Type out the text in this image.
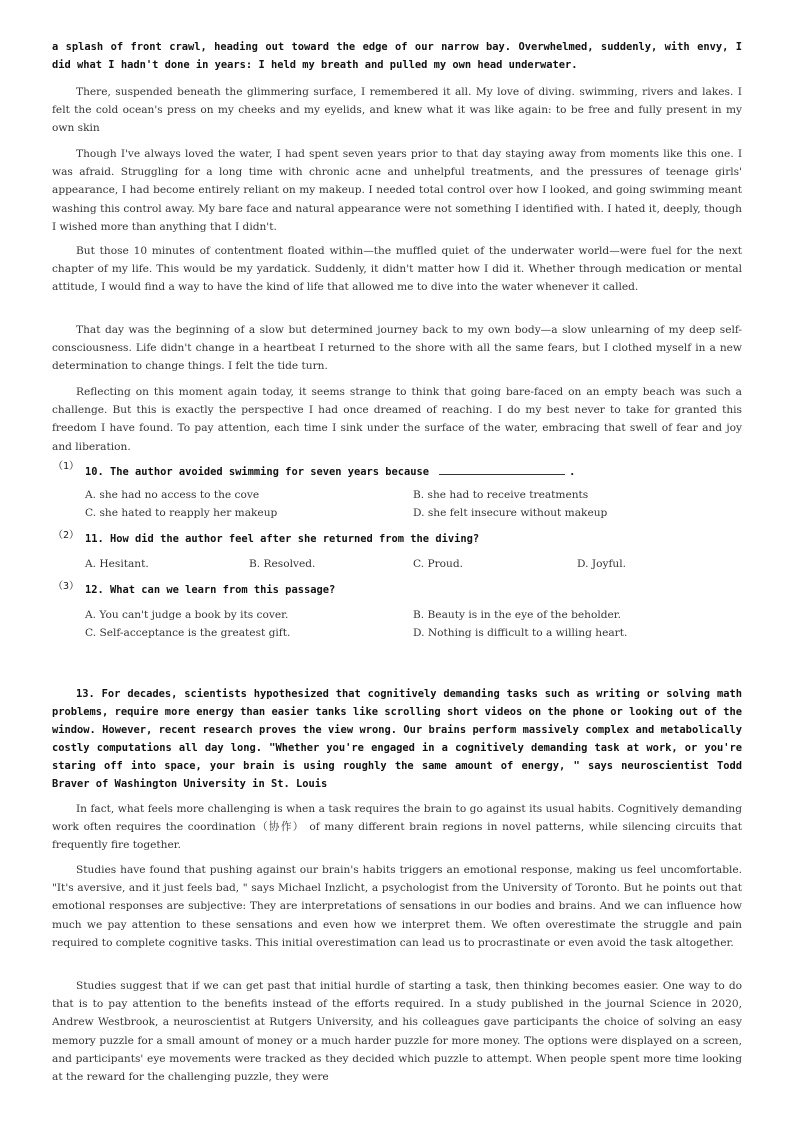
a splash of front crawl, heading out toward the edge of our narrow bay. Overwhelmed, suddenly, with envy, I did what I hadn't done in years: I held my breath and pulled my own head underwater.

There, suspended beneath the glimmering surface, I remembered it all. My love of diving. swimming, rivers and lakes. I felt the cold ocean's press on my cheeks and my eyelids, and knew what it was like again: to be free and fully present in my own skin

Though I've always loved the water, I had spent seven years prior to that day staying away from moments like this one. I was afraid. Struggling for a long time with chronic acne and unhelpful treatments, and the pressures of teenage girls' appearance, I had become entirely reliant on my makeup. I needed total control over how I looked, and going swimming meant washing this control away. My bare face and natural appearance were not something I identified with. I hated it, deeply, though I wished more than anything that I didn't.

But those 10 minutes of contentment floated within—the muffled quiet of the underwater world—were fuel for the next chapter of my life. This would be my yardatick. Suddenly, it didn't matter how I did it. Whether through medication or mental attitude, I would find a way to have the kind of life that allowed me to dive into the water whenever it called.

That day was the beginning of a slow but determined journey back to my own body—a slow unlearning of my deep self-consciousness. Life didn't change in a heartbeat I returned to the shore with all the same fears, but I clothed myself in a new determination to change things. I felt the tide turn.

Reflecting on this moment again today, it seems strange to think that going bare-faced on an empty beach was such a challenge. But this is exactly the perspective I had once dreamed of reaching. I do my best never to take for granted this freedom I have found. To pay attention, each time I sink under the surface of the water, embracing that swell of fear and joy and liberation.

（1） 10. The author avoided swimming for seven years because	.
A. she had no access to the cove	B. she had to receive treatments
C. she hated to reapply her makeup	D. she felt insecure without makeup
（2） 11. How did the author feel after she returned from the diving?
A. Hesitant.	B. Resolved.	C. Proud.	D. Joyful.
（3） 12. What can we learn from this passage?
A. You can't judge a book by its cover.	B. Beauty is in the eye of the beholder.
C. Self-acceptance is the greatest gift.	D. Nothing is difficult to a willing heart.

13. For decades, scientists hypothesized that cognitively demanding tasks such as writing or solving math problems, require more energy than easier tanks like scrolling short videos on the phone or looking out of the window. However, recent research proves the view wrong. Our brains perform massively complex and metabolically costly computations all day long. "Whether you're engaged in a cognitively demanding task at work, or you're staring off into space, your brain is using roughly the same amount of energy, " says neuroscientist Todd Braver of Washington University in St. Louis

In fact, what feels more challenging is when a task requires the brain to go against its usual habits. Cognitively demanding work often requires the coordination（协作） of many different brain regions in novel patterns, while silencing circuits that frequently fire together.

Studies have found that pushing against our brain's habits triggers an emotional response, making us feel uncomfortable. "It's aversive, and it just feels bad, " says Michael Inzlicht, a psychologist from the University of Toronto. But he points out that emotional responses are subjective: They are interpretations of sensations in our bodies and brains. And we can influence how much we pay attention to these sensations and even how we interpret them. We often overestimate the struggle and pain required to complete cognitive tasks. This initial overestimation can lead us to procrastinate or even avoid the task altogether.

Studies suggest that if we can get past that initial hurdle of starting a task, then thinking becomes easier. One way to do that is to pay attention to the benefits instead of the efforts required. In a study published in the journal Science in 2020, Andrew Westbrook, a neuroscientist at Rutgers University, and his colleagues gave participants the choice of solving an easy memory puzzle for a small amount of money or a much harder puzzle for more money. The options were displayed on a screen, and participants' eye movements were tracked as they decided which puzzle to attempt. When people spent more time looking at the reward for the challenging puzzle, they were
